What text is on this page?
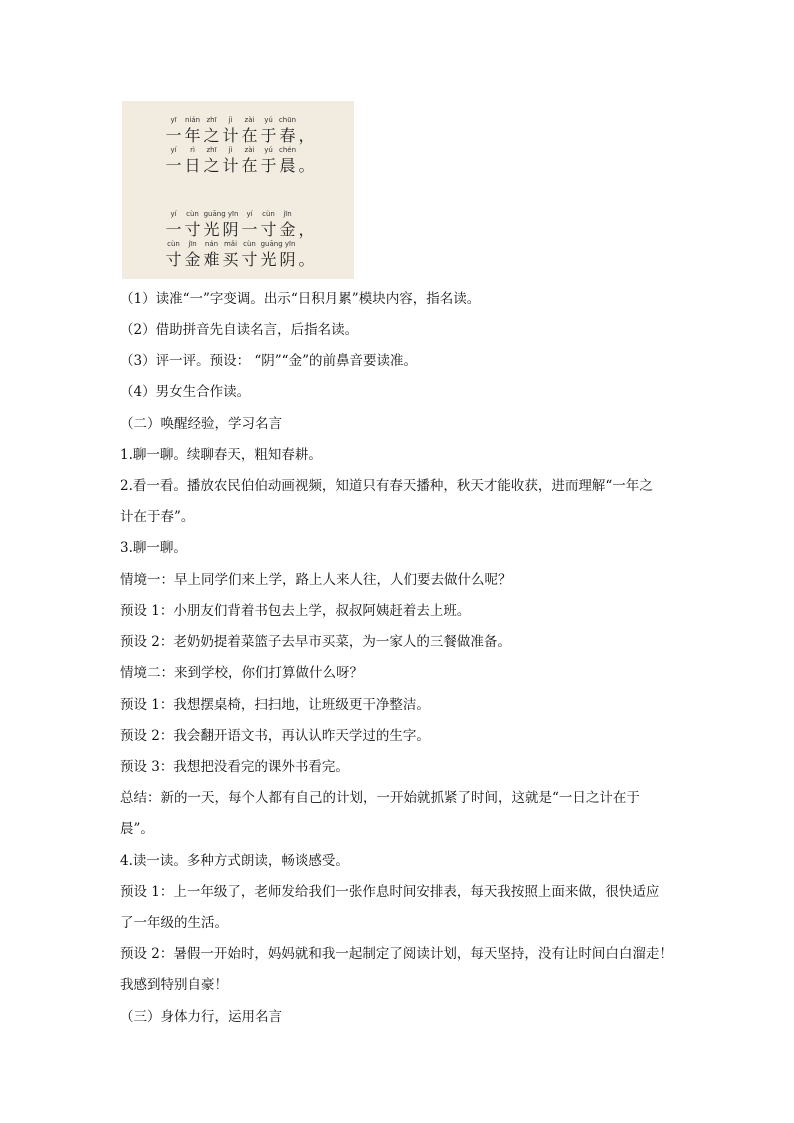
yī	nián zhī	jì	zài	yú chūn
一 年 之 计 在 于 春 ，
yí	rì	zhī	jì	zài	yú chén
一 日 之 计 在 于 晨 。
yí	cùn guāng yīn	yí	cùn	jīn
一 寸 光 阴 一 寸 金 ，
cùn	jīn	nán mǎi cùn guāng yīn
寸 金 难 买 寸 光 阴 。

（1）读准“一”字变调。出示“日积月累”模块内容，指名读。

（2）借助拼音先自读名言，后指名读。

（3）评一评。预设： “阴”“金”的前鼻音要读准。

（4）男女生合作读。

（二）唤醒经验，学习名言

1.聊一聊。续聊春天，粗知春耕。

2.看一看。播放农民伯伯动画视频，知道只有春天播种，秋天才能收获，进而理解“一年之

计在于春”。

3.聊一聊。

情境一：早上同学们来上学，路上人来人往，人们要去做什么呢？

预设 1：小朋友们背着书包去上学，叔叔阿姨赶着去上班。

预设 2：老奶奶提着菜篮子去早市买菜，为一家人的三餐做准备。

情境二：来到学校，你们打算做什么呀？

预设 1：我想摆桌椅，扫扫地，让班级更干净整洁。

预设 2：我会翻开语文书，再认认昨天学过的生字。

预设 3：我想把没看完的课外书看完。

总结：新的一天，每个人都有自己的计划，一开始就抓紧了时间，这就是“一日之计在于

晨”。

4.读一读。多种方式朗读，畅谈感受。

预设 1：上一年级了，老师发给我们一张作息时间安排表，每天我按照上面来做，很快适应

了一年级的生活。

预设 2：暑假一开始时，妈妈就和我一起制定了阅读计划，每天坚持，没有让时间白白溜走！

我感到特别自豪！

（三）身体力行，运用名言
